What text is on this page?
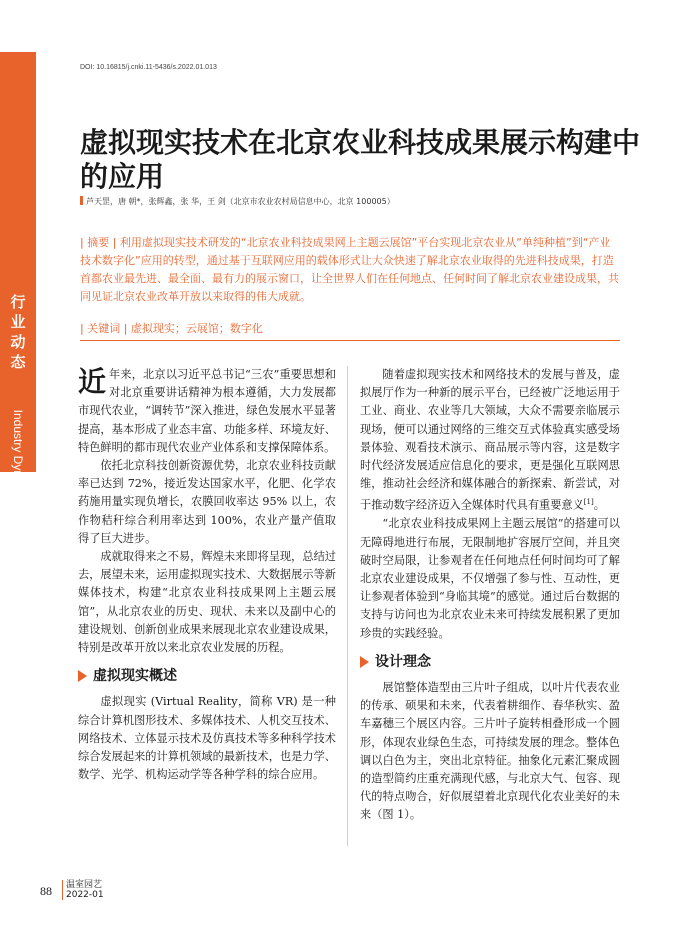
行业动态
Industry Dynamics
DOI: 10.16815/j.cnki.11-5436/s.2022.01.013
虚拟现实技术在北京农业科技成果展示构建中的应用
芦天罡，唐 朝*，张辉鑫，张 华，王 剑（北京市农业农村局信息中心，北京 100005）
| 摘要 | 利用虚拟现实技术研发的“北京农业科技成果网上主题云展馆”平台实现北京农业从“单纯种植”到“产业技术数字化”应用的转型，通过基于互联网应用的载体形式让大众快速了解北京农业取得的先进科技成果，打造首都农业最先进、最全面、最有力的展示窗口，让全世界人们在任何地点、任何时间了解北京农业建设成果，共同见证北京农业改革开放以来取得的伟大成就。
| 关键词 | 虚拟现实；云展馆；数字化

近年来，北京以习近平总书记“三农”重要思想和对北京重要讲话精神为根本遵循，大力发展都市现代农业，“调转节”深入推进，绿色发展水平显著提高，基本形成了业态丰富、功能多样、环境友好、特色鲜明的都市现代农业产业体系和支撑保障体系。

依托北京科技创新资源优势，北京农业科技贡献率已达到 72%，接近发达国家水平，化肥、化学农药施用量实现负增长，农膜回收率达 95% 以上，农作物秸秆综合利用率达到 100%，农业产量产值取得了巨大进步。

成就取得来之不易，辉煌未来即将呈现，总结过去，展望未来，运用虚拟现实技术、大数据展示等新媒体技术，构建“北京农业科技成果网上主题云展馆”，从北京农业的历史、现状、未来以及副中心的建设规划、创新创业成果来展现北京农业建设成果，特别是改革开放以来北京农业发展的历程。

虚拟现实概述

虚拟现实 (Virtual Reality，简称 VR) 是一种综合计算机图形技术、多媒体技术、人机交互技术、网络技术、立体显示技术及仿真技术等多种科学技术综合发展起来的计算机领域的最新技术，也是力学、数学、光学、机构运动学等各种学科的综合应用。

随着虚拟现实技术和网络技术的发展与普及，虚拟展厅作为一种新的展示平台，已经被广泛地运用于工业、商业、农业等几大领域，大众不需要亲临展示现场，便可以通过网络的三维交互式体验真实感受场景体验、观看技术演示、商品展示等内容，这是数字时代经济发展适应信息化的要求，更是强化互联网思维，推动社会经济和媒体融合的新探索、新尝试，对于推动数字经济迈入全媒体时代具有重要意义[1]。

“北京农业科技成果网上主题云展馆”的搭建可以无障碍地进行布展，无限制地扩容展厅空间，并且突破时空局限，让参观者在任何地点任何时间均可了解北京农业建设成果，不仅增强了参与性、互动性，更让参观者体验到“身临其境”的感觉。通过后台数据的支持与访问也为北京农业未来可持续发展积累了更加珍贵的实践经验。

设计理念

展馆整体造型由三片叶子组成，以叶片代表农业的传承、硕果和未来，代表着耕细作、春华秋实、盈车嘉穗三个展区内容。三片叶子旋转相叠形成一个圆形，体现农业绿色生态，可持续发展的理念。整体色调以白色为主，突出北京特征。抽象化元素汇聚成圆的造型简约庄重充满现代感，与北京大气、包容、现代的特点吻合，好似展望着北京现代化农业美好的未来（图 1）。

88 温室园艺
2022-01
